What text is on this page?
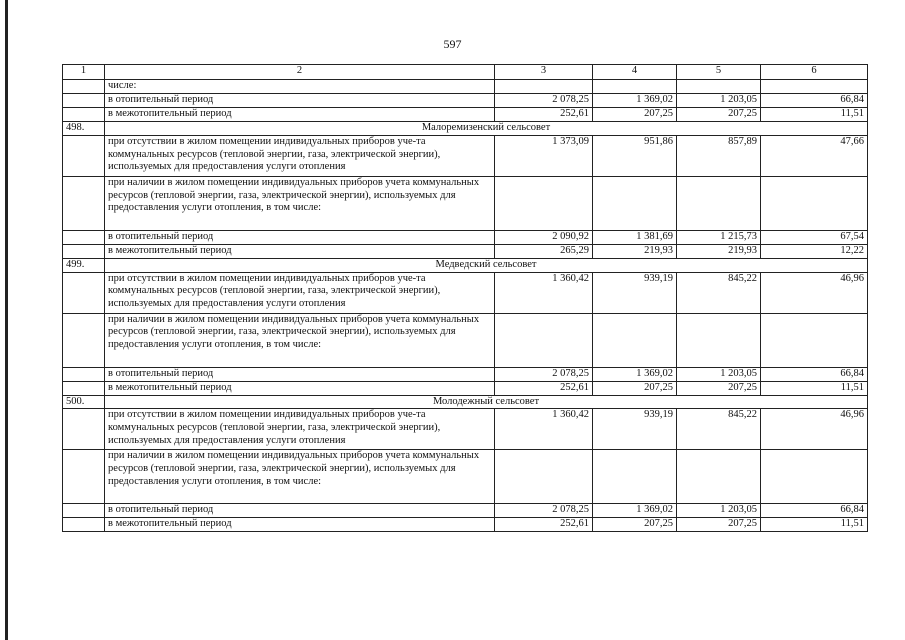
597
1	2	3	4	5	6
	числе:				
	в отопительный период	2 078,25	1 369,02	1 203,05	66,84
	в межотопительный период	252,61	207,25	207,25	11,51
498.	Малоремизенский сельсовет				
	при отсутствии в жилом помещении индивидуальных приборов уче-та коммунальных ресурсов (тепловой энергии, газа, электрической энергии), используемых для предоставления услуги отопления	1 373,09	951,86	857,89	47,66
	при наличии в жилом помещении индивидуальных приборов учета коммунальных ресурсов (тепловой энергии, газа, электрической энергии), используемых для предоставления услуги отопления, в том числе:				
	в отопительный период	2 090,92	1 381,69	1 215,73	67,54
	в межотопительный период	265,29	219,93	219,93	12,22
499.	Медведский сельсовет				
	при отсутствии в жилом помещении индивидуальных приборов уче-та коммунальных ресурсов (тепловой энергии, газа, электрической энергии), используемых для предоставления услуги отопления	1 360,42	939,19	845,22	46,96
	при наличии в жилом помещении индивидуальных приборов учета коммунальных ресурсов (тепловой энергии, газа, электрической энергии), используемых для предоставления услуги отопления, в том числе:				
	в отопительный период	2 078,25	1 369,02	1 203,05	66,84
	в межотопительный период	252,61	207,25	207,25	11,51
500.	Молодежный сельсовет				
	при отсутствии в жилом помещении индивидуальных приборов уче-та коммунальных ресурсов (тепловой энергии, газа, электрической энергии), используемых для предоставления услуги отопления	1 360,42	939,19	845,22	46,96
	при наличии в жилом помещении индивидуальных приборов учета коммунальных ресурсов (тепловой энергии, газа, электрической энергии), используемых для предоставления услуги отопления, в том числе:				
	в отопительный период	2 078,25	1 369,02	1 203,05	66,84
	в межотопительный период	252,61	207,25	207,25	11,51
